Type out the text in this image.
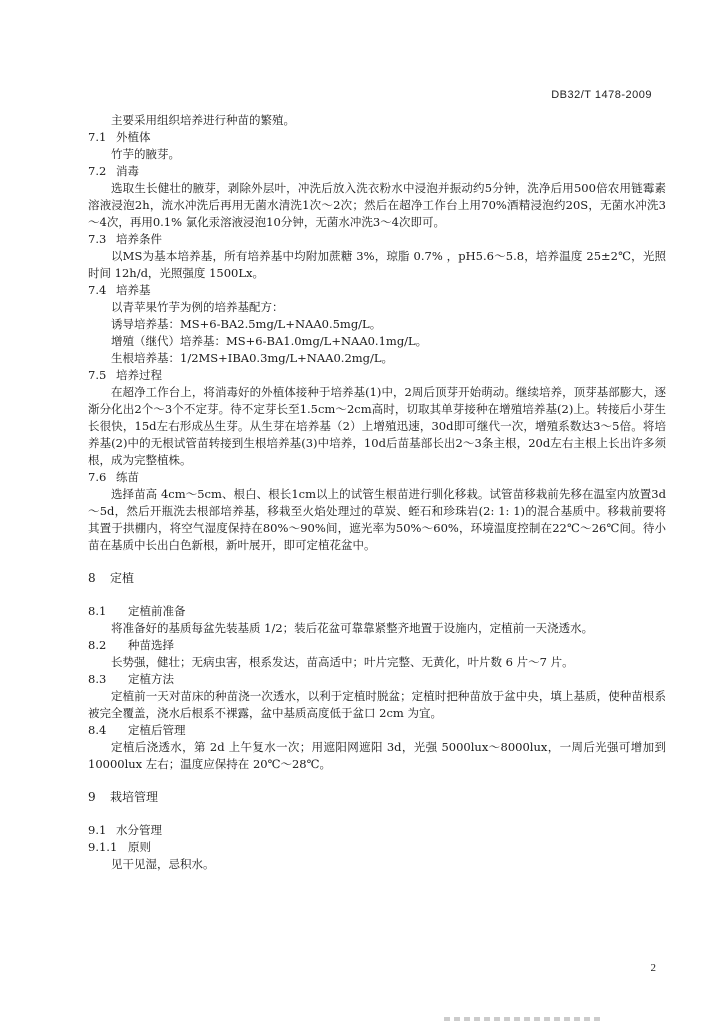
DB32/T 1478-2009
主要采用组织培养进行种苗的繁殖。
7.1 外植体
竹芋的腋芽。
7.2 消毒

选取生长健壮的腋芽，剥除外层叶，冲洗后放入洗衣粉水中浸泡并振动约5分钟，洗净后用500倍农用链霉素溶液浸泡2h，流水冲洗后再用无菌水清洗1次～2次；然后在超净工作台上用70%酒精浸泡约20S，无菌水冲洗3～4次，再用0.1% 氯化汞溶液浸泡10分钟，无菌水冲洗3～4次即可。

7.3 培养条件

以MS为基本培养基，所有培养基中均附加蔗糖 3%，琼脂 0.7% ，pH5.6～5.8，培养温度 25±2℃，光照时间 12h/d，光照强度 1500Lx。

7.4 培养基
以青苹果竹芋为例的培养基配方：
诱导培养基：MS+6-BA2.5mg/L+NAA0.5mg/L。
增殖（继代）培养基：MS+6-BA1.0mg/L+NAA0.1mg/L。
生根培养基：1/2MS+IBA0.3mg/L+NAA0.2mg/L。
7.5 培养过程

在超净工作台上，将消毒好的外植体接种于培养基(1)中，2周后顶芽开始萌动。继续培养，顶芽基部膨大，逐渐分化出2个～3个不定芽。待不定芽长至1.5cm～2cm高时，切取其单芽接种在增殖培养基(2)上。转接后小芽生长很快，15d左右形成丛生芽。从生芽在培养基（2）上增殖迅速，30d即可继代一次，增殖系数达3～5倍。将培养基(2)中的无根试管苗转接到生根培养基(3)中培养，10d后苗基部长出2～3条主根，20d左右主根上长出许多须根，成为完整植株。

7.6 练苗

选择苗高 4cm～5cm、根白、根长1cm以上的试管生根苗进行驯化移栽。试管苗移栽前先移在温室内放置3d～5d，然后开瓶洗去根部培养基，移栽至火焰处理过的草炭、蛭石和珍珠岩(2: 1: 1)的混合基质中。移栽前要将其置于拱棚内，将空气湿度保持在80%～90%间，遮光率为50%～60%，环境温度控制在22℃～26℃间。待小苗在基质中长出白色新根，新叶展开，即可定植花盆中。

8 定植
8.1 定植前准备

将准备好的基质每盆先装基质 1/2；装后花盆可靠靠紧整齐地置于设施内，定植前一天浇透水。

8.2 种苗选择

长势强，健壮；无病虫害，根系发达，苗高适中；叶片完整、无黄化，叶片数 6 片～7 片。

8.3 定植方法

定植前一天对苗床的种苗浇一次透水，以利于定植时脱盆；定植时把种苗放于盆中央，填上基质，使种苗根系被完全覆盖，浇水后根系不裸露，盆中基质高度低于盆口 2cm 为宜。

8.4 定植后管理

定植后浇透水，第 2d 上午复水一次；用遮阳网遮阳 3d，光强 5000lux～8000lux，一周后光强可增加到 10000lux 左右；温度应保持在 20℃～28℃。

9 栽培管理
9.1 水分管理
9.1.1 原则
见干见湿，忌积水。
2
